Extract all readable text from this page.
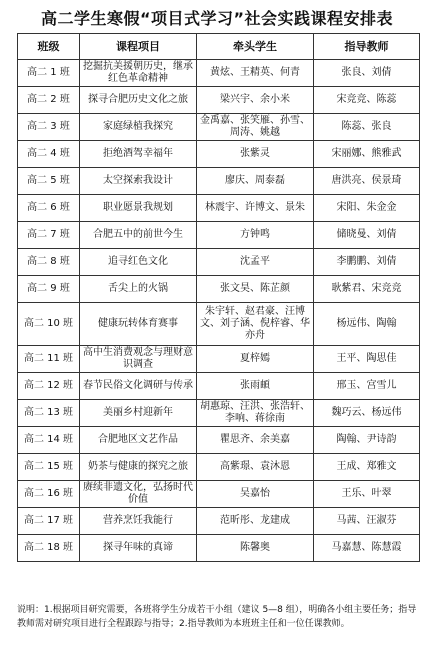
高二学生寒假“项目式学习”社会实践课程安排表
班级	课程项目	牵头学生	指导教师
高二 1 班	挖掘抗美援朝历史，继承红色革命精神	黄炫、王精英、何青	张良、刘倩
高二 2 班	探寻合肥历史文化之旅	梁兴宇、余小米	宋竞竞、陈蕊
高二 3 班	家庭绿植我探究	金禹嘉、张笑雁、孙雪、周涛、姚越	陈蕊、张良
高二 4 班	拒绝酒驾幸福年	张紫灵	宋丽娜、熊雅武
高二 5 班	太空探索我设计	廖庆、周泰磊	唐洪亮、侯景琦
高二 6 班	职业愿景我规划	林震宇、许博文、景朱	宋阳、朱金金
高二 7 班	合肥五中的前世今生	方钟鸣	储晓曼、刘倩
高二 8 班	追寻红色文化	沈孟平	李鹏鹏、刘倩
高二 9 班	舌尖上的火锅	张文昊、陈芷颜	耿紫君、宋竞竞
高二 10 班	健康玩转体育赛事	朱宇轩、赵君豪、汪博文、刘子涵、倪梓睿、华亦舟	杨远伟、陶翰
高二 11 班	高中生消费观念与理财意识调查	夏梓嫣	王平、陶思佳
高二 12 班	春节民俗文化调研与传承	张雨頔	邢玉、宫雪儿
高二 13 班	美丽乡村迎新年	胡惠琼、汪洪、张浩轩、李响、蒋徐南	魏巧云、杨远伟
高二 14 班	合肥地区文艺作品	瞿思齐、余美嘉	陶翰、尹诗韵
高二 15 班	奶茶与健康的探究之旅	高紫璟、袁沐恩	王成、郑雅文
高二 16 班	赓续非遗文化，弘扬时代价值	吴嘉怡	王乐、叶翠
高二 17 班	营养烹饪我能行	范昕彤、龙建成	马茜、汪淑芬
高二 18 班	探寻年味的真谛	陈馨奥	马嘉慧、陈慧霞
说明：1.根据项目研究需要，各班将学生分成若干小组（建议 5—8 组），明确各小组主要任务；指导教师需对研究项目进行全程跟踪与指导；2.指导教师为本班班主任和一位任课教师。
